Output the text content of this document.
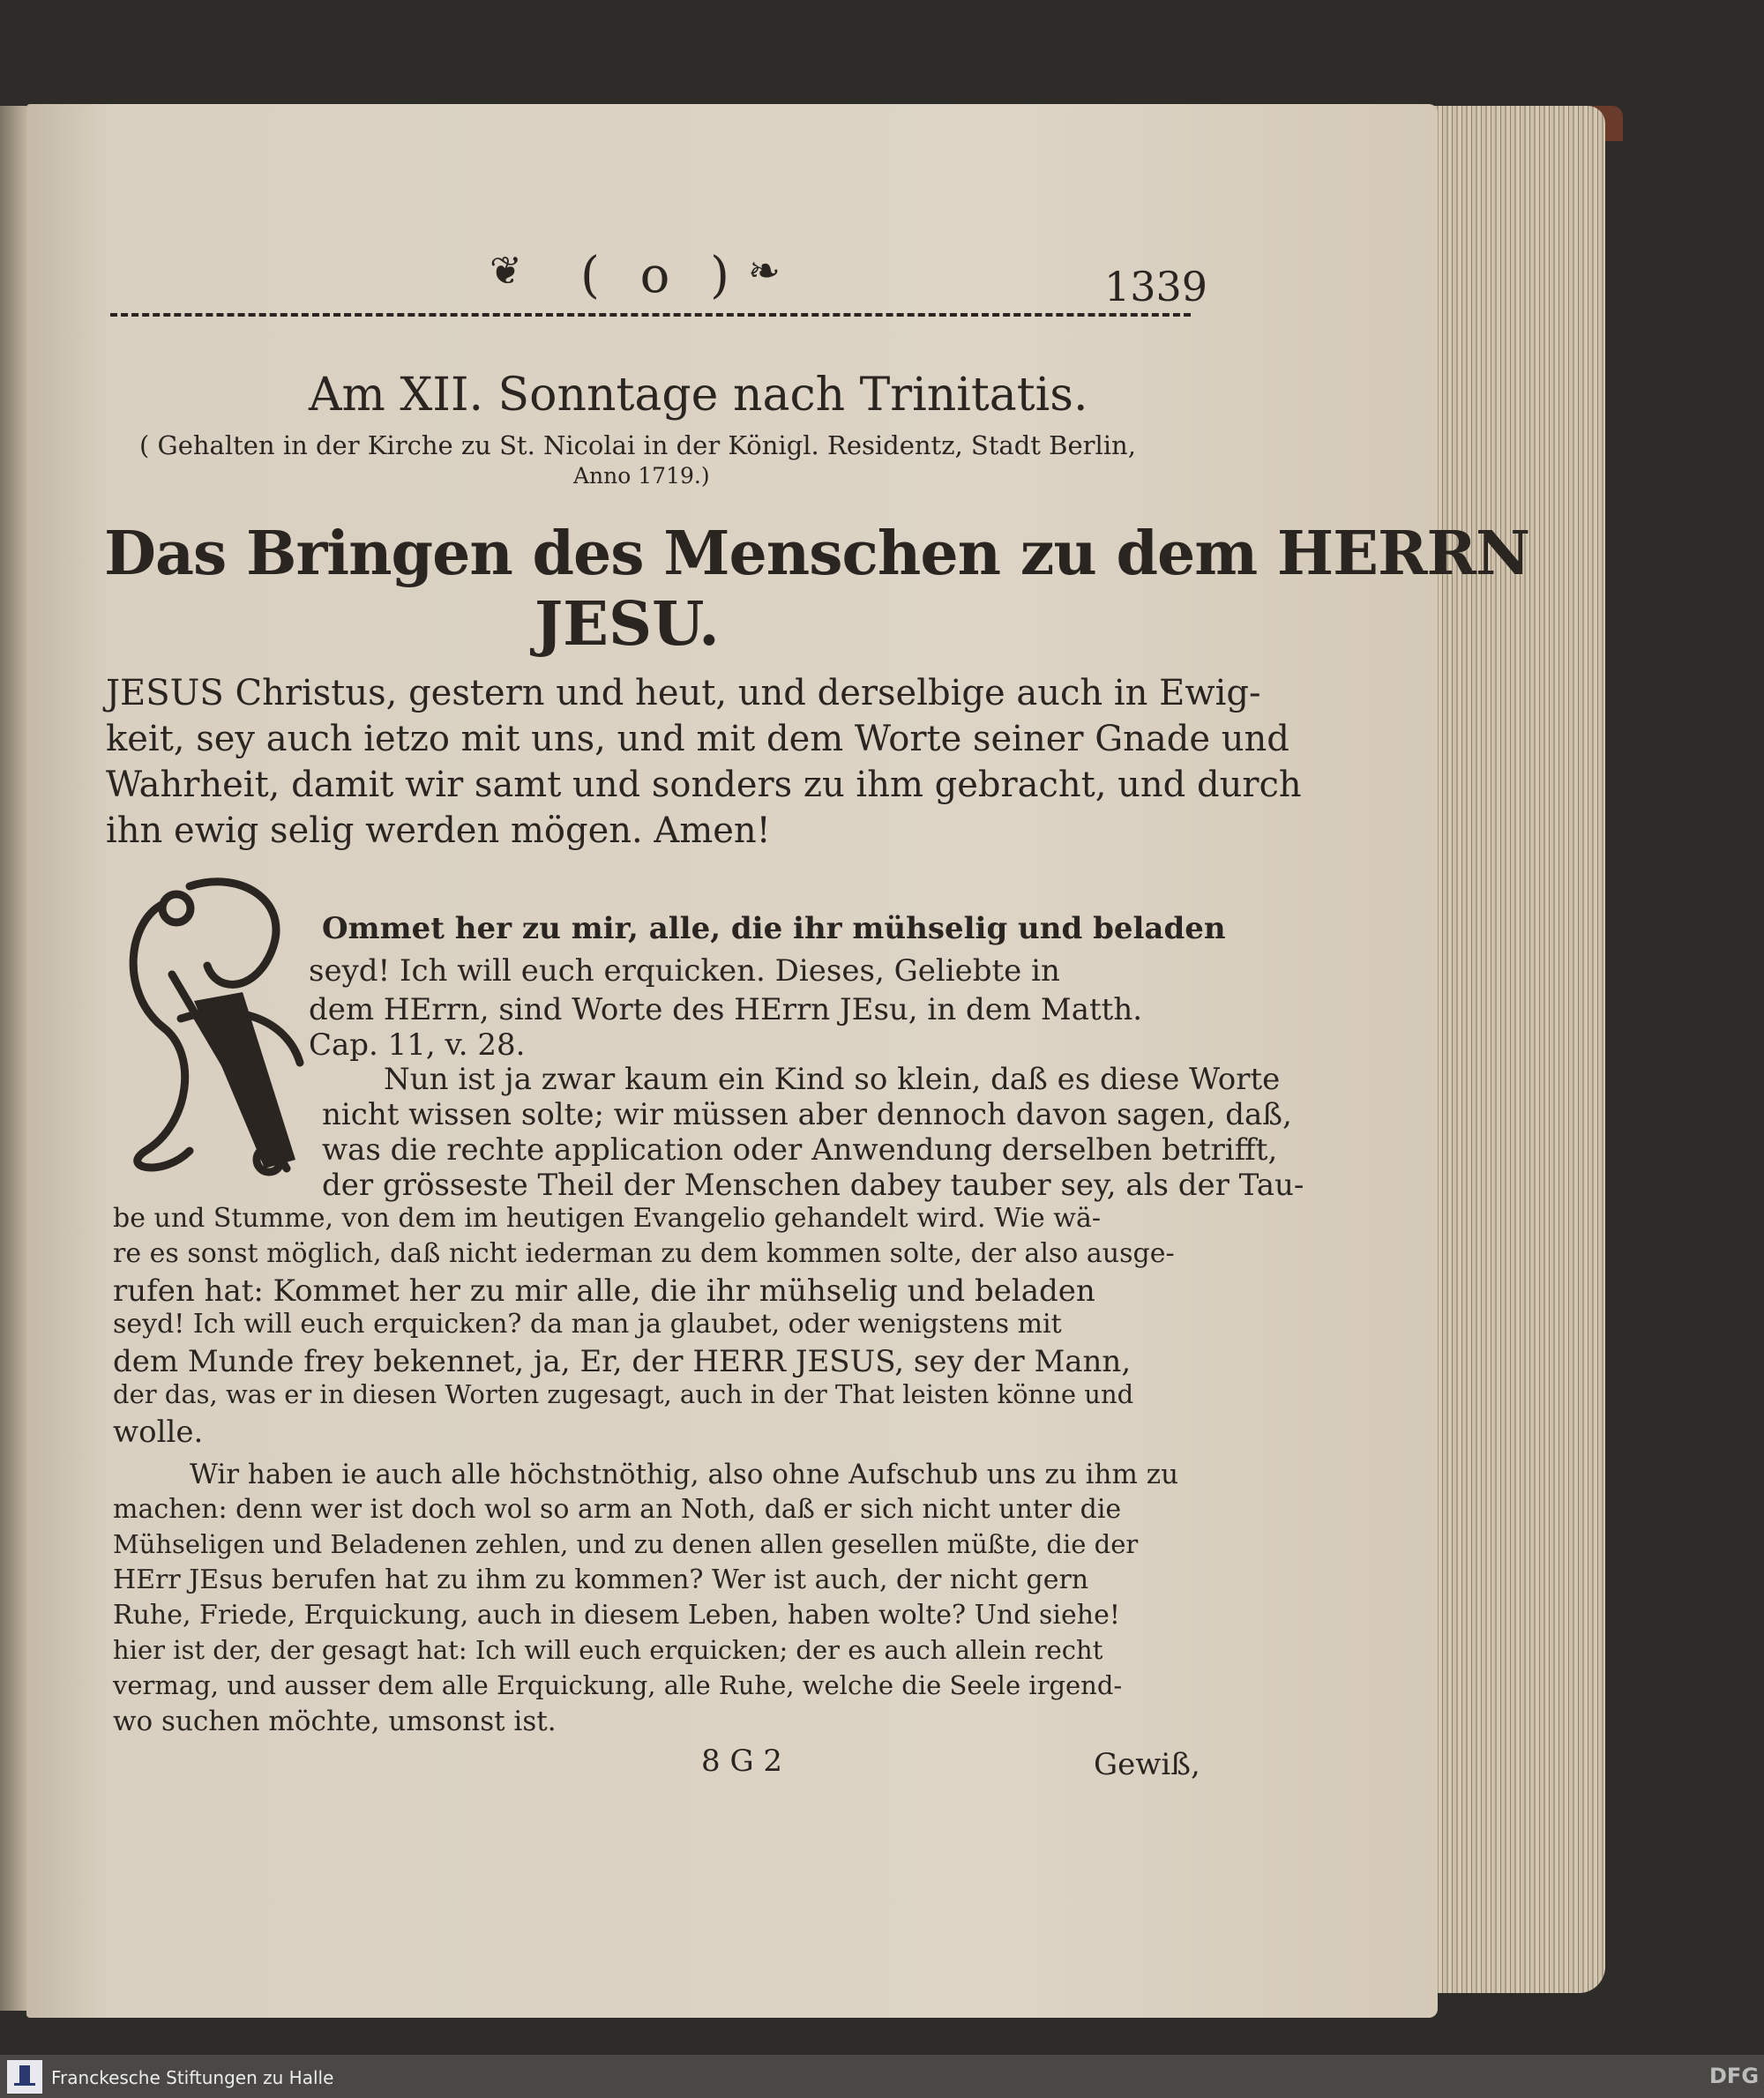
❦ ( o ) ❧	1339
Am XII. Sonntage nach Trinitatis.
( Gehalten in der Kirche zu St. Nicolai in der Königl. Residentz, Stadt Berlin,
Anno 1719.)
Das Bringen des Menschen zu dem HERRN
JESU.
JESUS Christus, gestern und heut, und derselbige auch in Ewig-
keit, sey auch ietzo mit uns, und mit dem Worte seiner Gnade und
Wahrheit, damit wir samt und sonders zu ihm gebracht, und durch
ihn ewig selig werden mögen. Amen!
Ommet her zu mir, alle, die ihr mühselig und beladen
seyd! Ich will euch erquicken. Dieses, Geliebte in
dem HErrn, sind Worte des HErrn JEsu, in dem Matth.
Cap. 11, v. 28.
Nun ist ja zwar kaum ein Kind so klein, daß es diese Worte
nicht wissen solte; wir müssen aber dennoch davon sagen, daß,
was die rechte application oder Anwendung derselben betrifft,
der grösseste Theil der Menschen dabey tauber sey, als der Tau-
be und Stumme, von dem im heutigen Evangelio gehandelt wird. Wie wä-
re es sonst möglich, daß nicht iederman zu dem kommen solte, der also ausge-
rufen hat: Kommet her zu mir alle, die ihr mühselig und beladen
seyd! Ich will euch erquicken? da man ja glaubet, oder wenigstens mit
dem Munde frey bekennet, ja, Er, der HERR JESUS, sey der Mann,
der das, was er in diesen Worten zugesagt, auch in der That leisten könne und
wolle.
Wir haben ie auch alle höchstnöthig, also ohne Aufschub uns zu ihm zu
machen: denn wer ist doch wol so arm an Noth, daß er sich nicht unter die
Mühseligen und Beladenen zehlen, und zu denen allen gesellen müßte, die der
HErr JEsus berufen hat zu ihm zu kommen? Wer ist auch, der nicht gern
Ruhe, Friede, Erquickung, auch in diesem Leben, haben wolte? Und siehe!
hier ist der, der gesagt hat: Ich will euch erquicken; der es auch allein recht
vermag, und ausser dem alle Erquickung, alle Ruhe, welche die Seele irgend-
wo suchen möchte, umsonst ist.
8 G 2	Gewiß,
Franckesche Stiftungen zu Halle	DFG
